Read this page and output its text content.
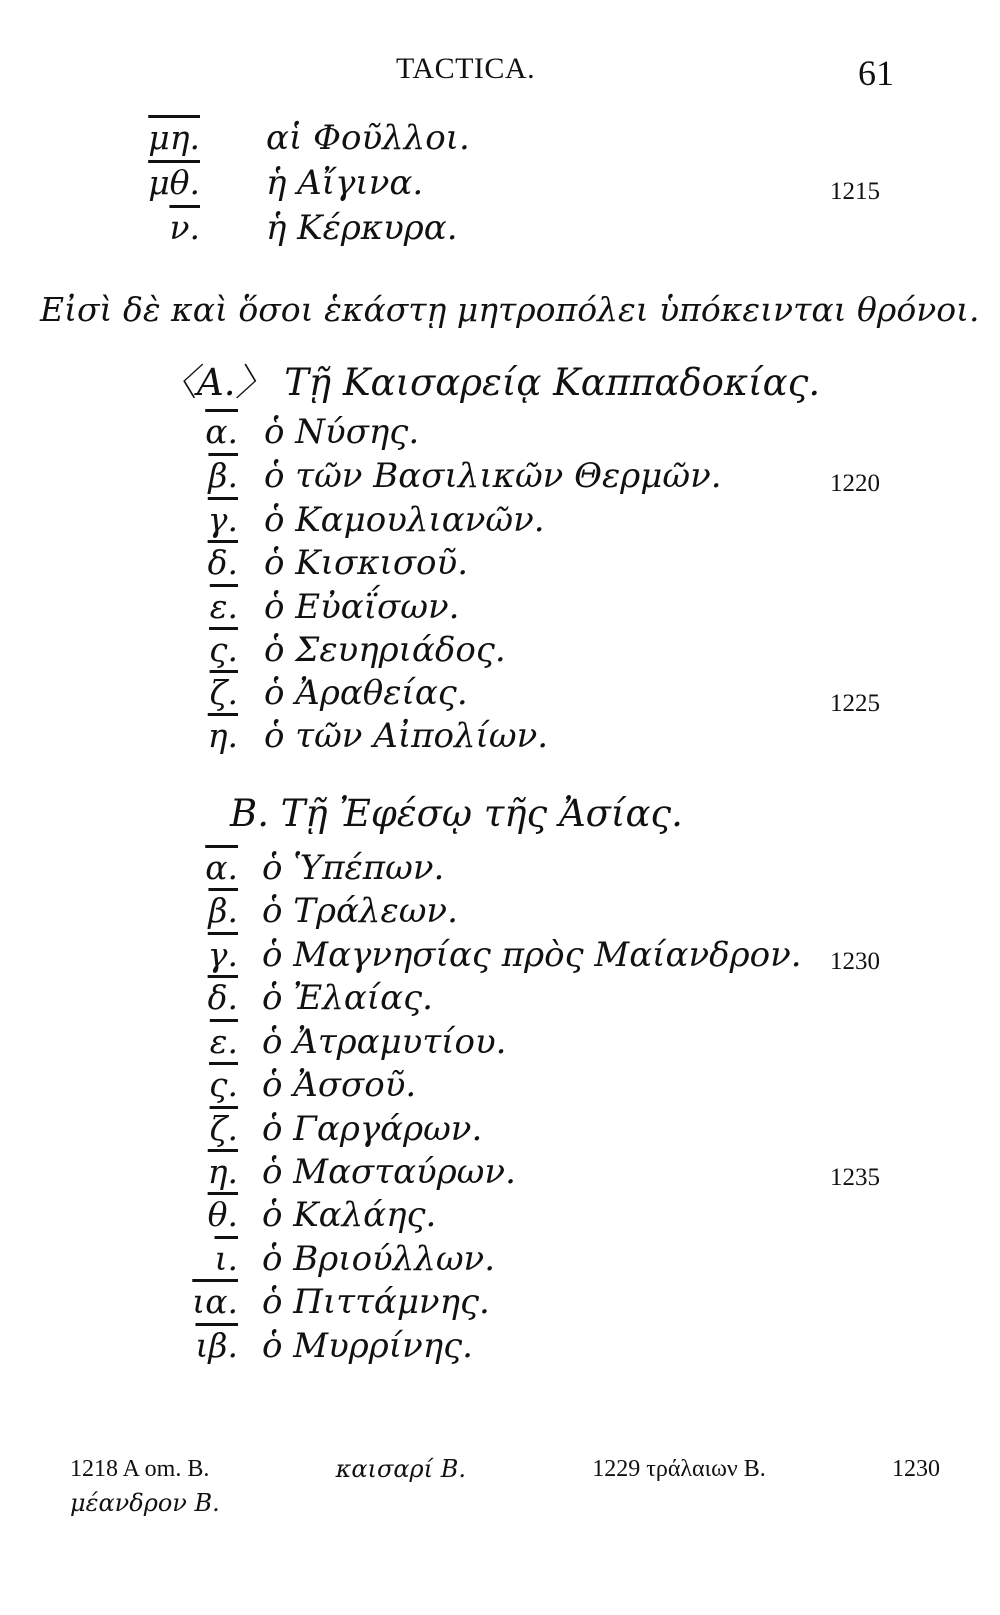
TACTICA.	61
μη. αἱ Φοῦλλοι.
μθ. ἡ Αἴγινα.	1215
ν. ἡ Κέρκυρα.
Εἰσὶ δὲ καὶ ὅσοι ἑκάστῃ μητροπόλει ὑπόκεινται θρόνοι.
〈Α.〉 Τῇ Καισαρείᾳ Καππαδοκίας.
α. ὁ Νύσης.
β. ὁ τῶν Βασιλικῶν Θερμῶν.	1220
γ. ὁ Καμουλιανῶν.
δ. ὁ Κισκισοῦ.
ε. ὁ Εὐαΐσων.
ς. ὁ Σευηριάδος.
ζ. ὁ Ἀραθείας.	1225
η. ὁ τῶν Αἰπολίων.
Β. Τῇ Ἐφέσῳ τῆς Ἀσίας.
α. ὁ Ὑπέπων.
β. ὁ Τράλεων.
γ. ὁ Μαγνησίας πρὸς Μαίανδρον. 1230
δ. ὁ Ἐλαίας.
ε. ὁ Ἀτραμυτίου.
ς. ὁ Ἀσσοῦ.
ζ. ὁ Γαργάρων.
η. ὁ Μασταύρων.	1235
θ. ὁ Καλάης.
ι. ὁ Βριούλλων.
ια. ὁ Πιττάμνης.
ιβ. ὁ Μυρρίνης.
1218 Α om. B.	καισαρί B.	1229 τράλαιων B.	1230
μέανδρον B.
